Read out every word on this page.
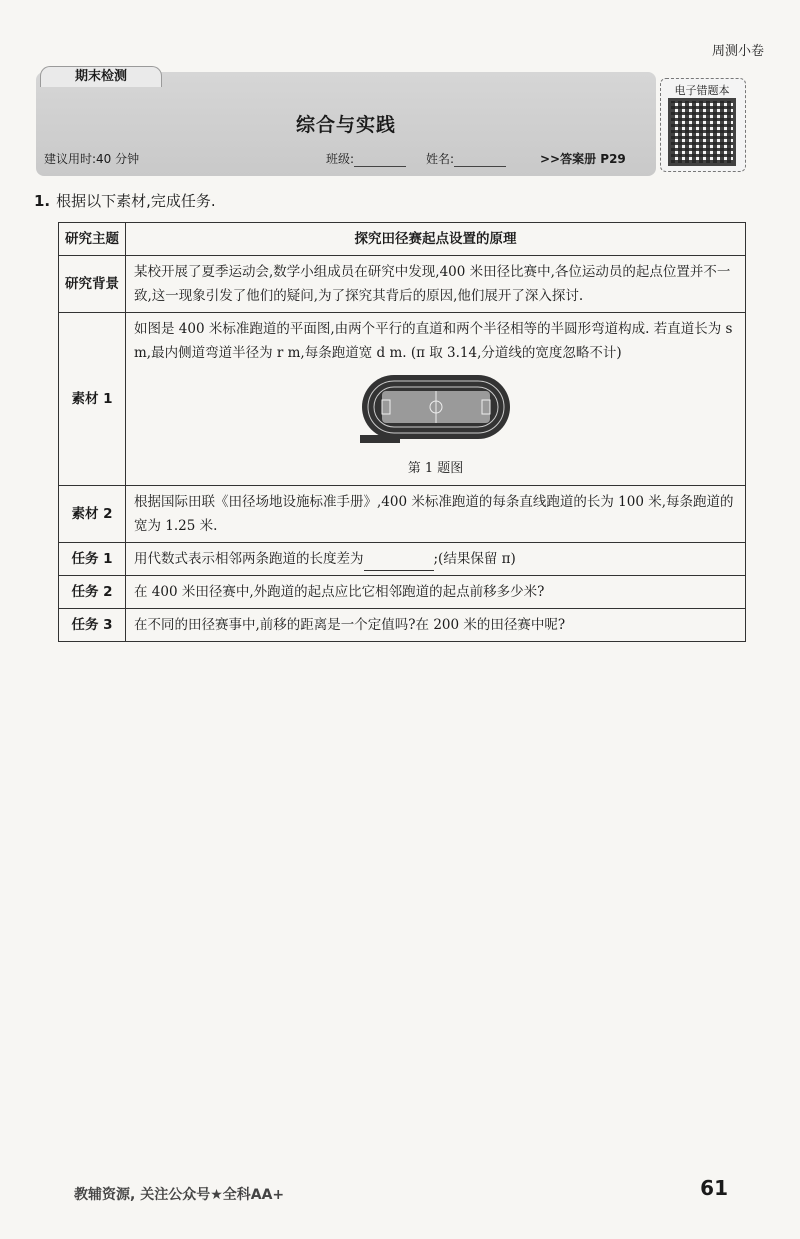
周测小卷
期末检测
综合与实践
建议用时:40 分钟	班级:	姓名:	>>答案册 P29
电子错题本
1. 根据以下素材,完成任务.
研究主题	探究田径赛起点设置的原理
研究背景	某校开展了夏季运动会,数学小组成员在研究中发现,400 米田径比赛中,各位运动员的起点位置并不一致,这一现象引发了他们的疑问,为了探究其背后的原因,他们展开了深入探讨.
素材 1	如图是 400 米标准跑道的平面图,由两个平行的直道和两个半径相等的半圆形弯道构成. 若直道长为 s m,最内侧道弯道半径为 r m,每条跑道宽 d m. (π 取 3.14,分道线的宽度忽略不计)
第 1 题图

素材 2	根据国际田联《田径场地设施标准手册》,400 米标准跑道的每条直线跑道的长为 100 米,每条跑道的宽为 1.25 米.
任务 1	用代数式表示相邻两条跑道的长度差为 ;(结果保留 π)
任务 2	在 400 米田径赛中,外跑道的起点应比它相邻跑道的起点前移多少米?
任务 3	在不同的田径赛事中,前移的距离是一个定值吗?在 200 米的田径赛中呢?
教辅资源, 关注公众号★全科AA+	61
